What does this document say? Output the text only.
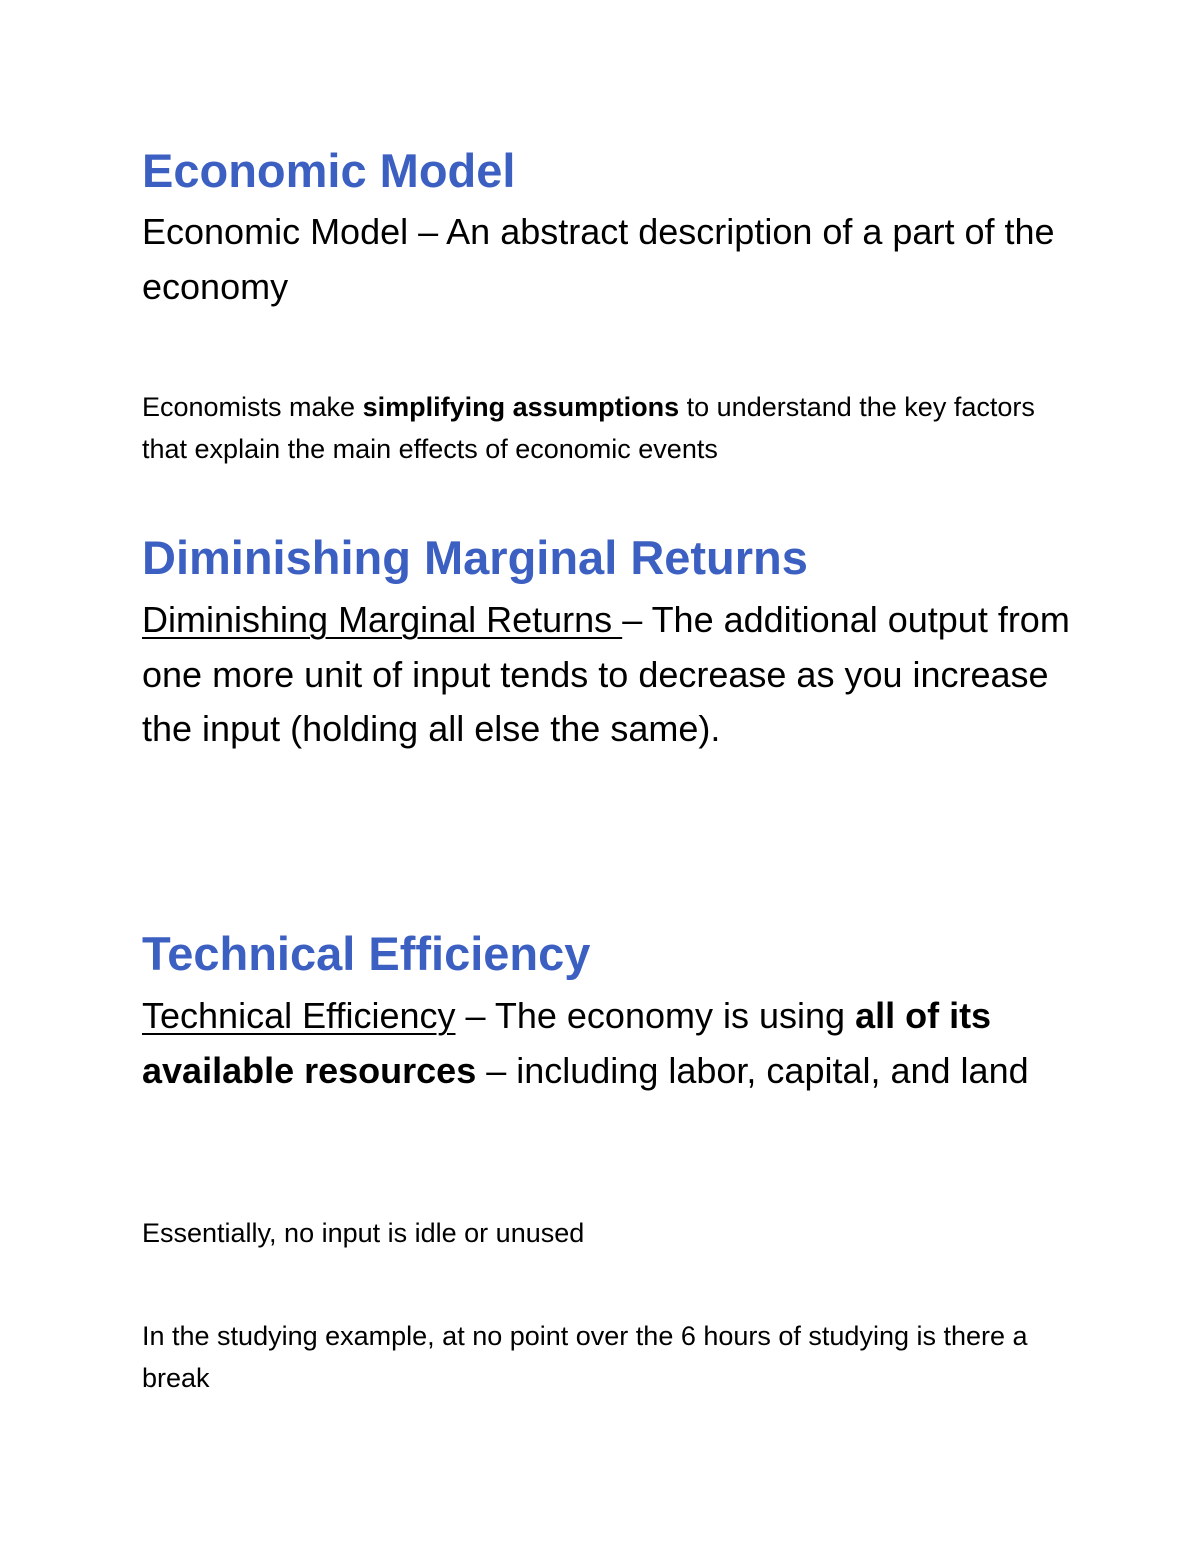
Economic Model

Economic Model – An abstract description of a part of the economy

Economists make simplifying assumptions to understand the key factors that explain the main effects of economic events

Diminishing Marginal Returns

Diminishing Marginal Returns – The additional output from one more unit of input tends to decrease as you increase the input (holding all else the same).

Technical Efficiency

Technical Efficiency – The economy is using all of its available resources – including labor, capital, and land

Essentially, no input is idle or unused

In the studying example, at no point over the 6 hours of studying is there a break
